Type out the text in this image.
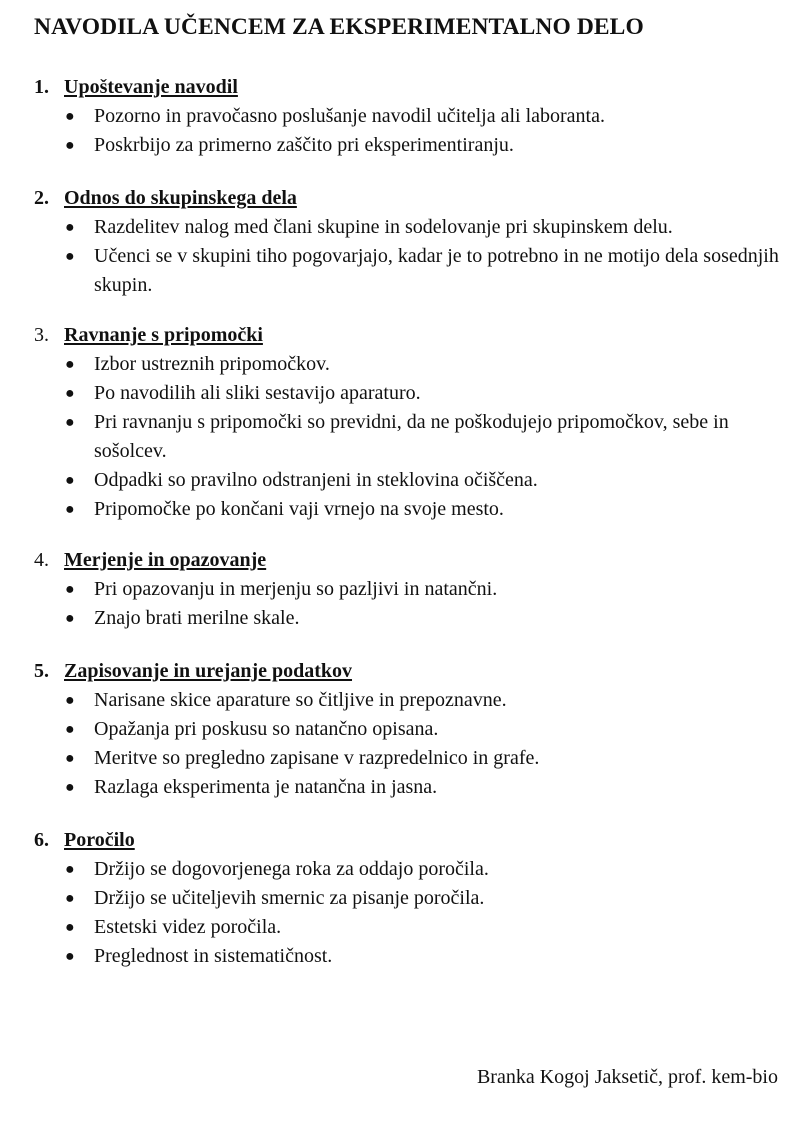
NAVODILA UČENCEM ZA EKSPERIMENTALNO DELO
1. Upoštevanje navodil
● Pozorno in pravočasno poslušanje navodil učitelja ali laboranta.
● Poskrbijo za primerno zaščito pri eksperimentiranju.
2. Odnos do skupinskega dela
● Razdelitev nalog med člani skupine in sodelovanje pri skupinskem delu.
● Učenci se v skupini tiho pogovarjajo, kadar je to potrebno in ne motijo dela sosednjih skupin.
3. Ravnanje s pripomočki
● Izbor ustreznih pripomočkov.
● Po navodilih ali sliki sestavijo aparaturo.
● Pri ravnanju s pripomočki so previdni, da ne poškodujejo pripomočkov, sebe in sošolcev.
● Odpadki so pravilno odstranjeni in steklovina očiščena.
● Pripomočke po končani vaji vrnejo na svoje mesto.
4. Merjenje in opazovanje
● Pri opazovanju in merjenju so pazljivi in natančni.
● Znajo brati merilne skale.
5. Zapisovanje in urejanje podatkov
● Narisane skice aparature so čitljive in prepoznavne.
● Opažanja pri poskusu so natančno opisana.
● Meritve so pregledno zapisane v razpredelnico in grafe.
● Razlaga eksperimenta je natančna in jasna.
6. Poročilo
● Držijo se dogovorjenega roka za oddajo poročila.
● Držijo se učiteljevih smernic za pisanje poročila.
● Estetski videz poročila.
● Preglednost in sistematičnost.
Branka Kogoj Jaksetič, prof. kem-bio
